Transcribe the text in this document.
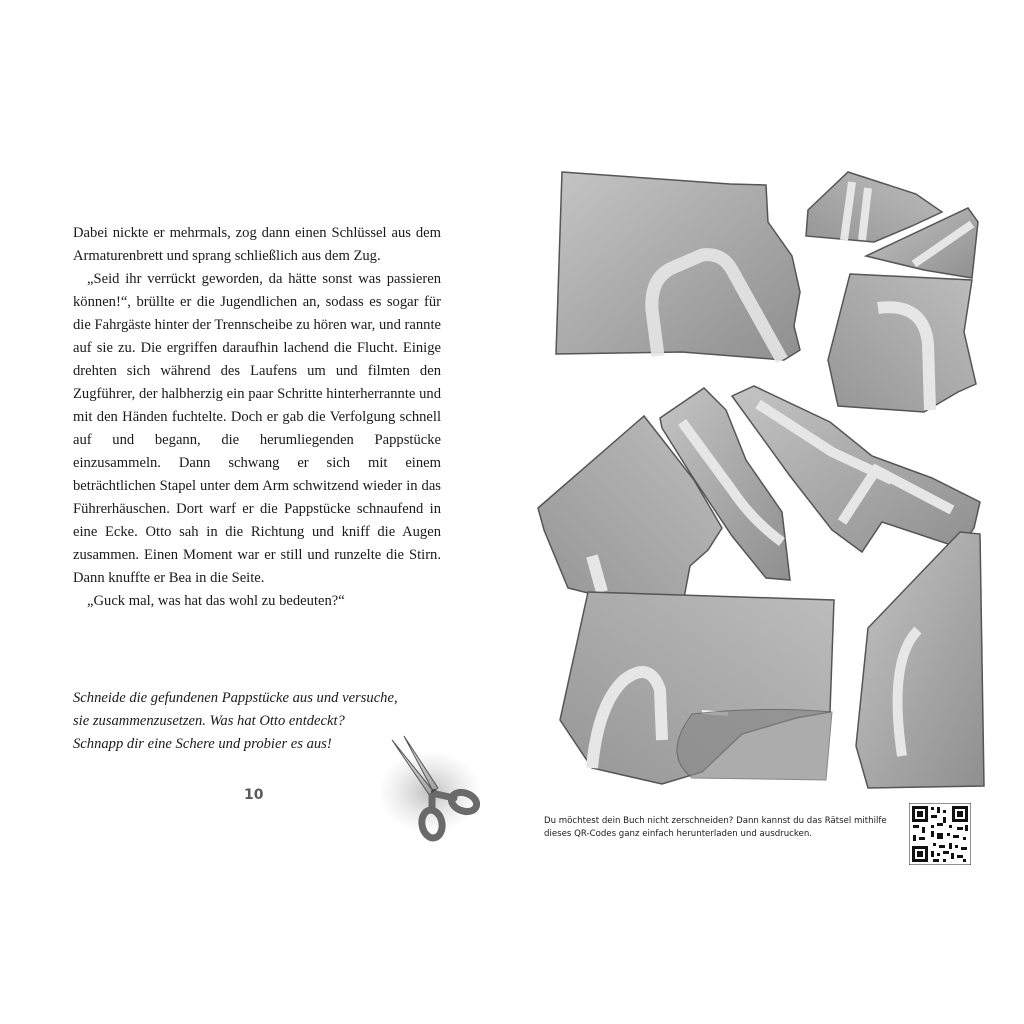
Dabei nickte er mehrmals, zog dann einen Schlüssel aus dem Armaturenbrett und sprang schließlich aus dem Zug.

„Seid ihr verrückt geworden, da hätte sonst was passieren können!“, brüllte er die Jugendlichen an, sodass es sogar für die Fahrgäste hinter der Trennscheibe zu hören war, und rannte auf sie zu. Die ergriffen daraufhin lachend die Flucht. Einige drehten sich während des Laufens um und filmten den Zugführer, der halbherzig ein paar Schritte hinterherrannte und mit den Händen fuchtelte. Doch er gab die Verfolgung schnell auf und begann, die herumliegenden Pappstücke einzusammeln. Dann schwang er sich mit einem beträchtlichen Stapel unter dem Arm schwitzend wieder in das Führerhäuschen. Dort warf er die Pappstücke schnaufend in eine Ecke. Otto sah in die Richtung und kniff die Augen zusammen. Einen Moment war er still und runzelte die Stirn. Dann knuffte er Bea in die Seite.

„Guck mal, was hat das wohl zu bedeuten?“

Schneide die gefundenen Pappstücke aus und versuche,
sie zusammenzusetzen. Was hat Otto entdeckt?
Schnapp dir eine Schere und probier es aus!
10
Du möchtest dein Buch nicht zerschneiden? Dann kannst du das Rätsel mithilfe
dieses QR-Codes ganz einfach herunterladen und ausdrucken.
